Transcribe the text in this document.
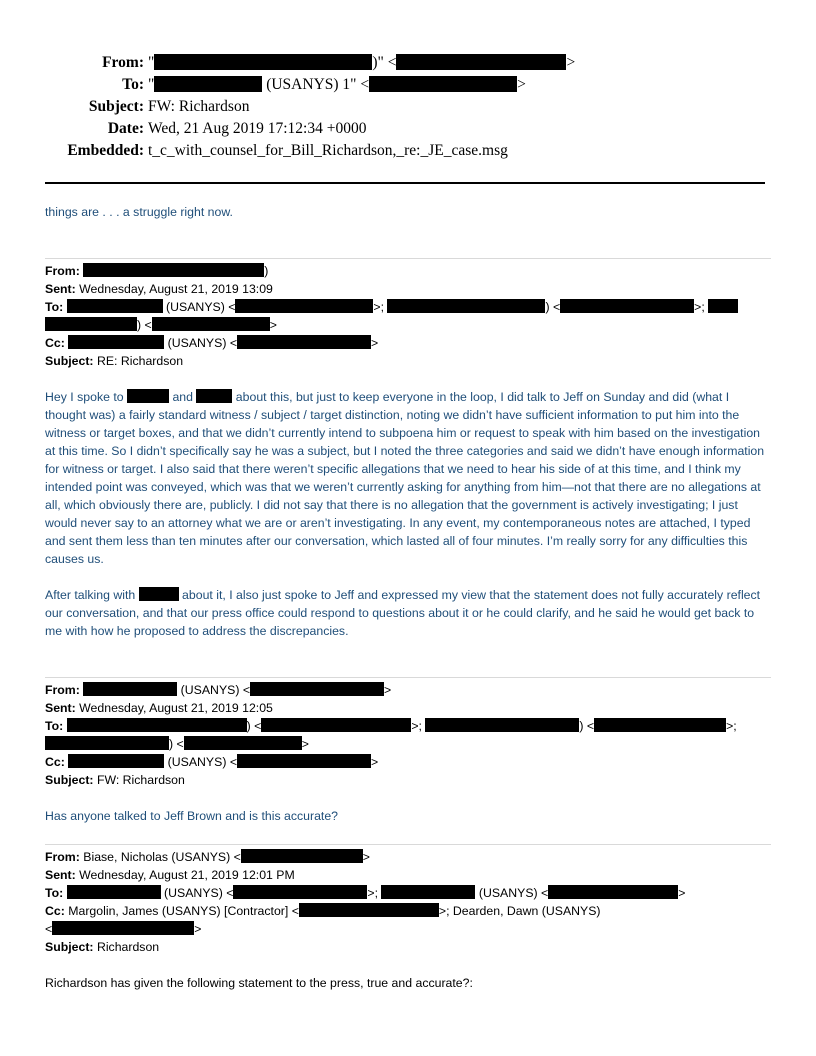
From: "	)" <	>
To: "	(USANYS) 1" <	>
Subject: FW: Richardson
Date: Wed, 21 Aug 2019 17:12:34 +0000
Embedded: t_c_with_counsel_for_Bill_Richardson,_re:_JE_case.msg
things are . . . a struggle right now.
From:	)
Sent: Wednesday, August 21, 2019 13:09
To:	(USANYS) <	>;	) <	>;
) <	>
Cc:	(USANYS) <	>
Subject: RE: Richardson

Hey I spoke to	and	about this, but just to keep everyone in the loop, I did talk to Jeff on Sunday and did (what I thought was) a fairly standard witness / subject / target distinction, noting we didn’t have sufficient information to put him into the witness or target boxes, and that we didn’t currently intend to subpoena him or request to speak with him based on the investigation at this time. So I didn’t specifically say he was a subject, but I noted the three categories and said we didn’t have enough information for witness or target. I also said that there weren’t specific allegations that we need to hear his side of at this time, and I think my intended point was conveyed, which was that we weren’t currently asking for anything from him—not that there are no allegations at all, which obviously there are, publicly. I did not say that there is no allegation that the government is actively investigating; I just would never say to an attorney what we are or aren’t investigating. In any event, my contemporaneous notes are attached, I typed and sent them less than ten minutes after our conversation, which lasted all of four minutes. I’m really sorry for any difficulties this causes us.

After talking with	about it, I also just spoke to Jeff and expressed my view that the statement does not fully accurately reflect our conversation, and that our press office could respond to questions about it or he could clarify, and he said he would get back to me with how he proposed to address the discrepancies.

From:	(USANYS) <	>
Sent: Wednesday, August 21, 2019 12:05
To:	) <	>;	) <	>;
) <	>
Cc:	(USANYS) <	>
Subject: FW: Richardson
Has anyone talked to Jeff Brown and is this accurate?
From: Biase, Nicholas (USANYS) <	>
Sent: Wednesday, August 21, 2019 12:01 PM
To:	(USANYS) <	>;	(USANYS) <	>
Cc: Margolin, James (USANYS) [Contractor] <	>; Dearden, Dawn (USANYS)
<	>
Subject: Richardson
Richardson has given the following statement to the press, true and accurate?:
